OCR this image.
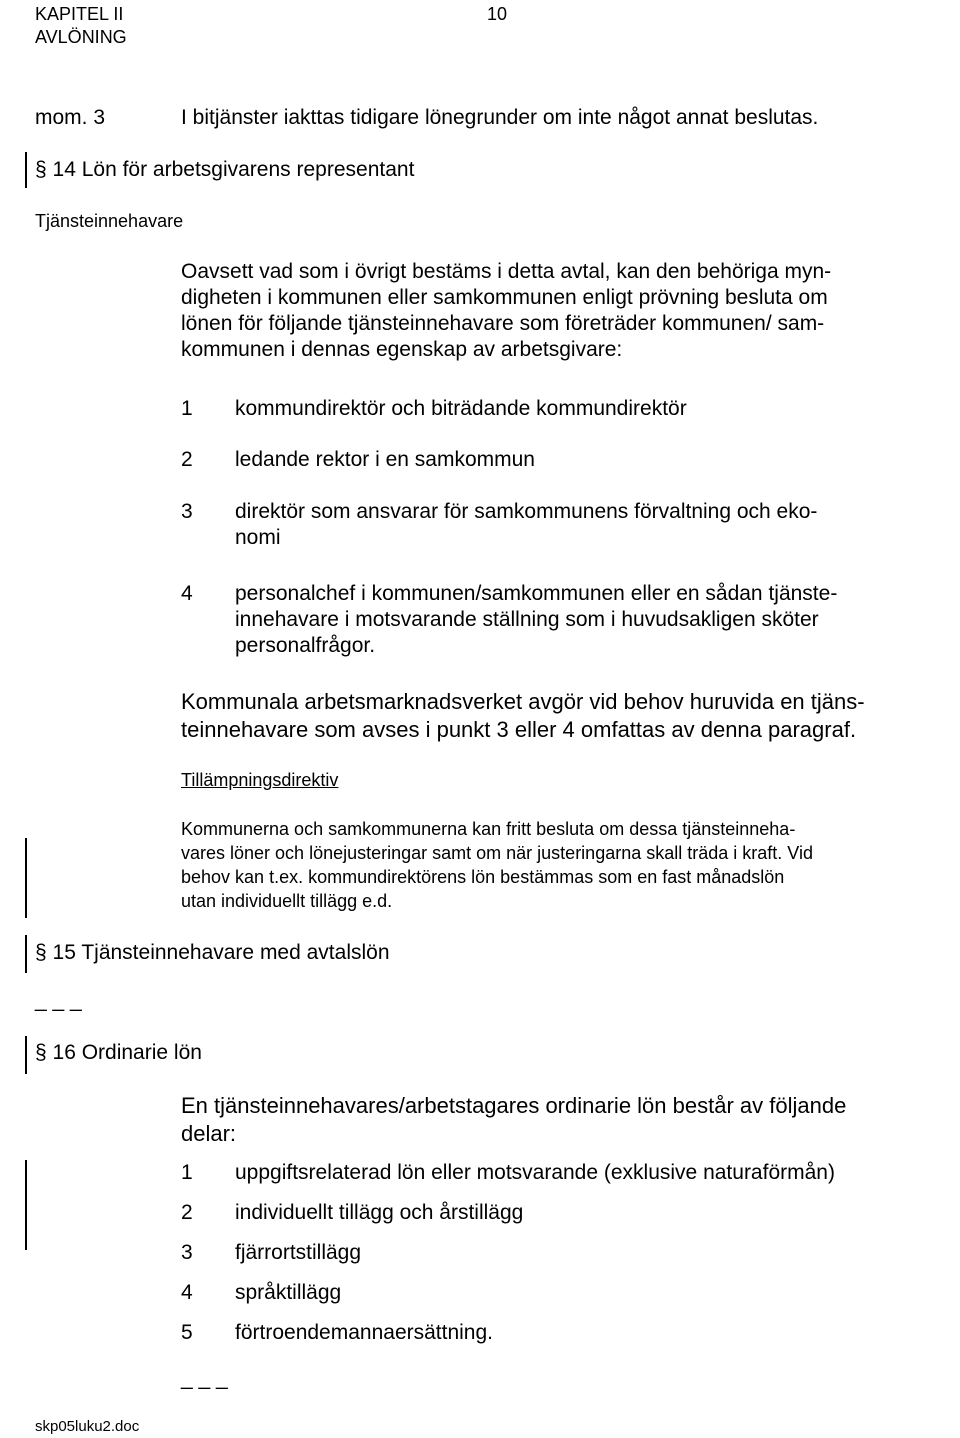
KAPITEL II
AVLÖNING
10
mom. 3	I bitjänster iakttas tidigare lönegrunder om inte något annat beslutas.
§ 14 Lön för arbetsgivarens representant
Tjänsteinnehavare
Oavsett vad som i övrigt bestäms i detta avtal, kan den behöriga myn-
digheten i kommunen eller samkommunen enligt prövning besluta om
lönen för följande tjänsteinnehavare som företräder kommunen/ sam-
kommunen i dennas egenskap av arbetsgivare:
1 kommundirektör och biträdande kommundirektör
2 ledande rektor i en samkommun
3 direktör som ansvarar för samkommunens förvaltning och eko-
nomi
4 personalchef i kommunen/samkommunen eller en sådan tjänste-
innehavare i motsvarande ställning som i huvudsakligen sköter
personalfrågor.
Kommunala arbetsmarknadsverket avgör vid behov huruvida en tjäns-
teinnehavare som avses i punkt 3 eller 4 omfattas av denna paragraf.
Tillämpningsdirektiv
Kommunerna och samkommunerna kan fritt besluta om dessa tjänsteinneha-
vares löner och lönejusteringar samt om när justeringarna skall träda i kraft. Vid
behov kan t.ex. kommundirektörens lön bestämmas som en fast månadslön
utan individuellt tillägg e.d.
§ 15 Tjänsteinnehavare med avtalslön
_ _ _
§ 16 Ordinarie lön
En tjänsteinnehavares/arbetstagares ordinarie lön består av följande
delar:
1 uppgiftsrelaterad lön eller motsvarande (exklusive naturaförmån)
2 individuellt tillägg och årstillägg
3 fjärrortstillägg
4 språktillägg
5 förtroendemannaersättning.
_ _ _
skp05luku2.doc
